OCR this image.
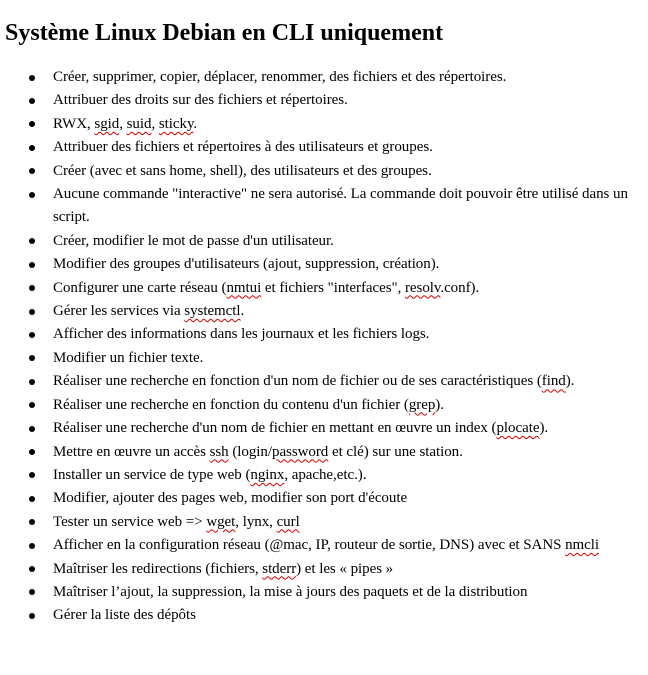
Système Linux Debian en CLI uniquement
Créer, supprimer, copier, déplacer, renommer, des fichiers et des répertoires.
Attribuer des droits sur des fichiers et répertoires.
RWX, sgid, suid, sticky.
Attribuer des fichiers et répertoires à des utilisateurs et groupes.
Créer (avec et sans home, shell), des utilisateurs et des groupes.
Aucune commande "interactive" ne sera autorisé. La commande doit pouvoir être utilisé dans un script.
Créer, modifier le mot de passe d'un utilisateur.
Modifier des groupes d'utilisateurs (ajout, suppression, création).
Configurer une carte réseau (nmtui et fichiers "interfaces", resolv.conf).
Gérer les services via systemctl.
Afficher des informations dans les journaux et les fichiers logs.
Modifier un fichier texte.
Réaliser une recherche en fonction d'un nom de fichier ou de ses caractéristiques (find).
Réaliser une recherche en fonction du contenu d'un fichier (grep).
Réaliser une recherche d'un nom de fichier en mettant en œuvre un index (plocate).
Mettre en œuvre un accès ssh (login/password et clé) sur une station.
Installer un service de type web (nginx, apache,etc.).
Modifier, ajouter des pages web, modifier son port d'écoute
Tester un service web => wget, lynx, curl
Afficher en la configuration réseau (@mac, IP, routeur de sortie, DNS) avec et SANS nmcli
Maîtriser les redirections (fichiers, stderr) et les « pipes »
Maîtriser l’ajout, la suppression, la mise à jours des paquets et de la distribution
Gérer la liste des dépôts
